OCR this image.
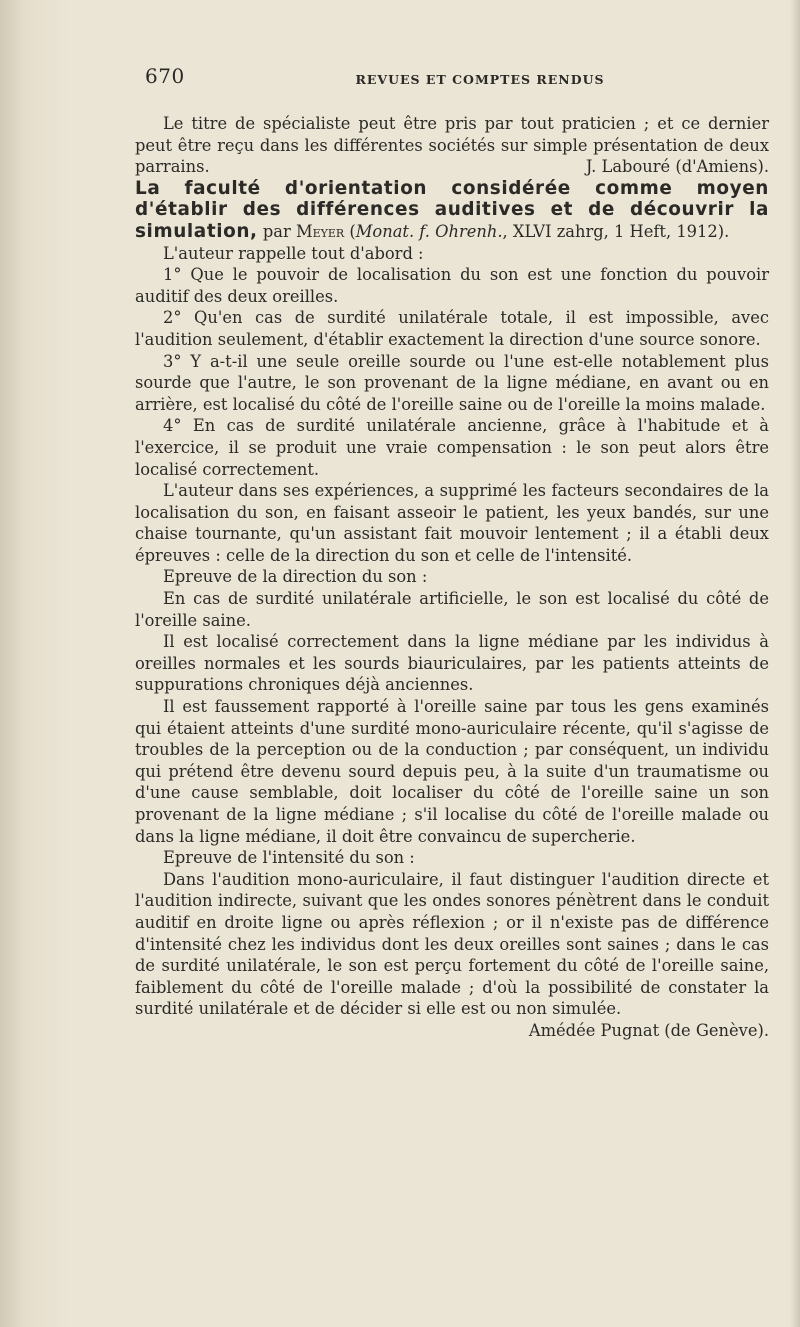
670	REVUES ET COMPTES RENDUS

Le titre de spécialiste peut être pris par tout praticien ; et ce dernier peut être reçu dans les différentes sociétés sur simple présentation de deux parrains.	J. Labouré (d'Amiens).

La faculté d'orientation considérée comme moyen d'établir des différences auditives et de découvrir la simulation, par Meyer (Monat. f. Ohrenh., XLVI zahrg, 1 Heft, 1912).

L'auteur rappelle tout d'abord :

1° Que le pouvoir de localisation du son est une fonction du pouvoir auditif des deux oreilles.

2° Qu'en cas de surdité unilatérale totale, il est impossible, avec l'audition seulement, d'établir exactement la direction d'une source sonore.

3° Y a-t-il une seule oreille sourde ou l'une est-elle notablement plus sourde que l'autre, le son provenant de la ligne médiane, en avant ou en arrière, est localisé du côté de l'oreille saine ou de l'oreille la moins malade.

4° En cas de surdité unilatérale ancienne, grâce à l'habitude et à l'exercice, il se produit une vraie compensation : le son peut alors être localisé correctement.

L'auteur dans ses expériences, a supprimé les facteurs secondaires de la localisation du son, en faisant asseoir le patient, les yeux bandés, sur une chaise tournante, qu'un assistant fait mouvoir lentement ; il a établi deux épreuves : celle de la direction du son et celle de l'intensité.

Epreuve de la direction du son :

En cas de surdité unilatérale artificielle, le son est localisé du côté de l'oreille saine.

Il est localisé correctement dans la ligne médiane par les individus à oreilles normales et les sourds biauriculaires, par les patients atteints de suppurations chroniques déjà anciennes.

Il est faussement rapporté à l'oreille saine par tous les gens examinés qui étaient atteints d'une surdité mono-auriculaire récente, qu'il s'agisse de troubles de la perception ou de la conduction ; par conséquent, un individu qui prétend être devenu sourd depuis peu, à la suite d'un traumatisme ou d'une cause semblable, doit localiser du côté de l'oreille saine un son provenant de la ligne médiane ; s'il localise du côté de l'oreille malade ou dans la ligne médiane, il doit être convaincu de supercherie.

Epreuve de l'intensité du son :

Dans l'audition mono-auriculaire, il faut distinguer l'audition directe et l'audition indirecte, suivant que les ondes sonores pénètrent dans le conduit auditif en droite ligne ou après réflexion ; or il n'existe pas de différence d'intensité chez les individus dont les deux oreilles sont saines ; dans le cas de surdité unilatérale, le son est perçu fortement du côté de l'oreille saine, faiblement du côté de l'oreille malade ; d'où la possibilité de constater la surdité unilatérale et de décider si elle est ou non simulée.
Amédée Pugnat (de Genève).
